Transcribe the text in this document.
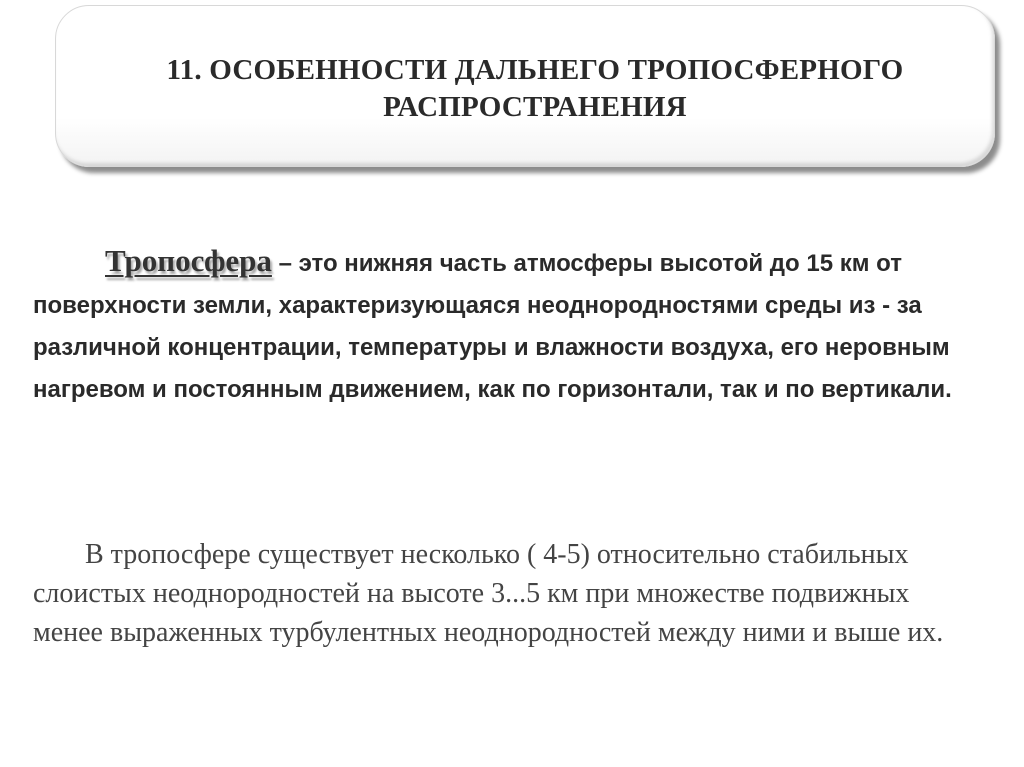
11. ОСОБЕННОСТИ ДАЛЬНЕГО ТРОПОСФЕРНОГО
РАСПРОСТРАНЕНИЯ
Тропосфера – это нижняя часть атмосферы высотой до 15 км от поверхности земли, характеризующаяся неоднородностями среды из - за различной концентрации, температуры и влажности воздуха, его неровным нагревом и постоянным движением, как по горизонтали, так и по вертикали.
В тропосфере существует несколько ( 4-5) относительно стабильных слоистых неоднородностей на высоте 3...5 км при множестве подвижных менее выраженных турбулентных неоднородностей между ними и выше их.
